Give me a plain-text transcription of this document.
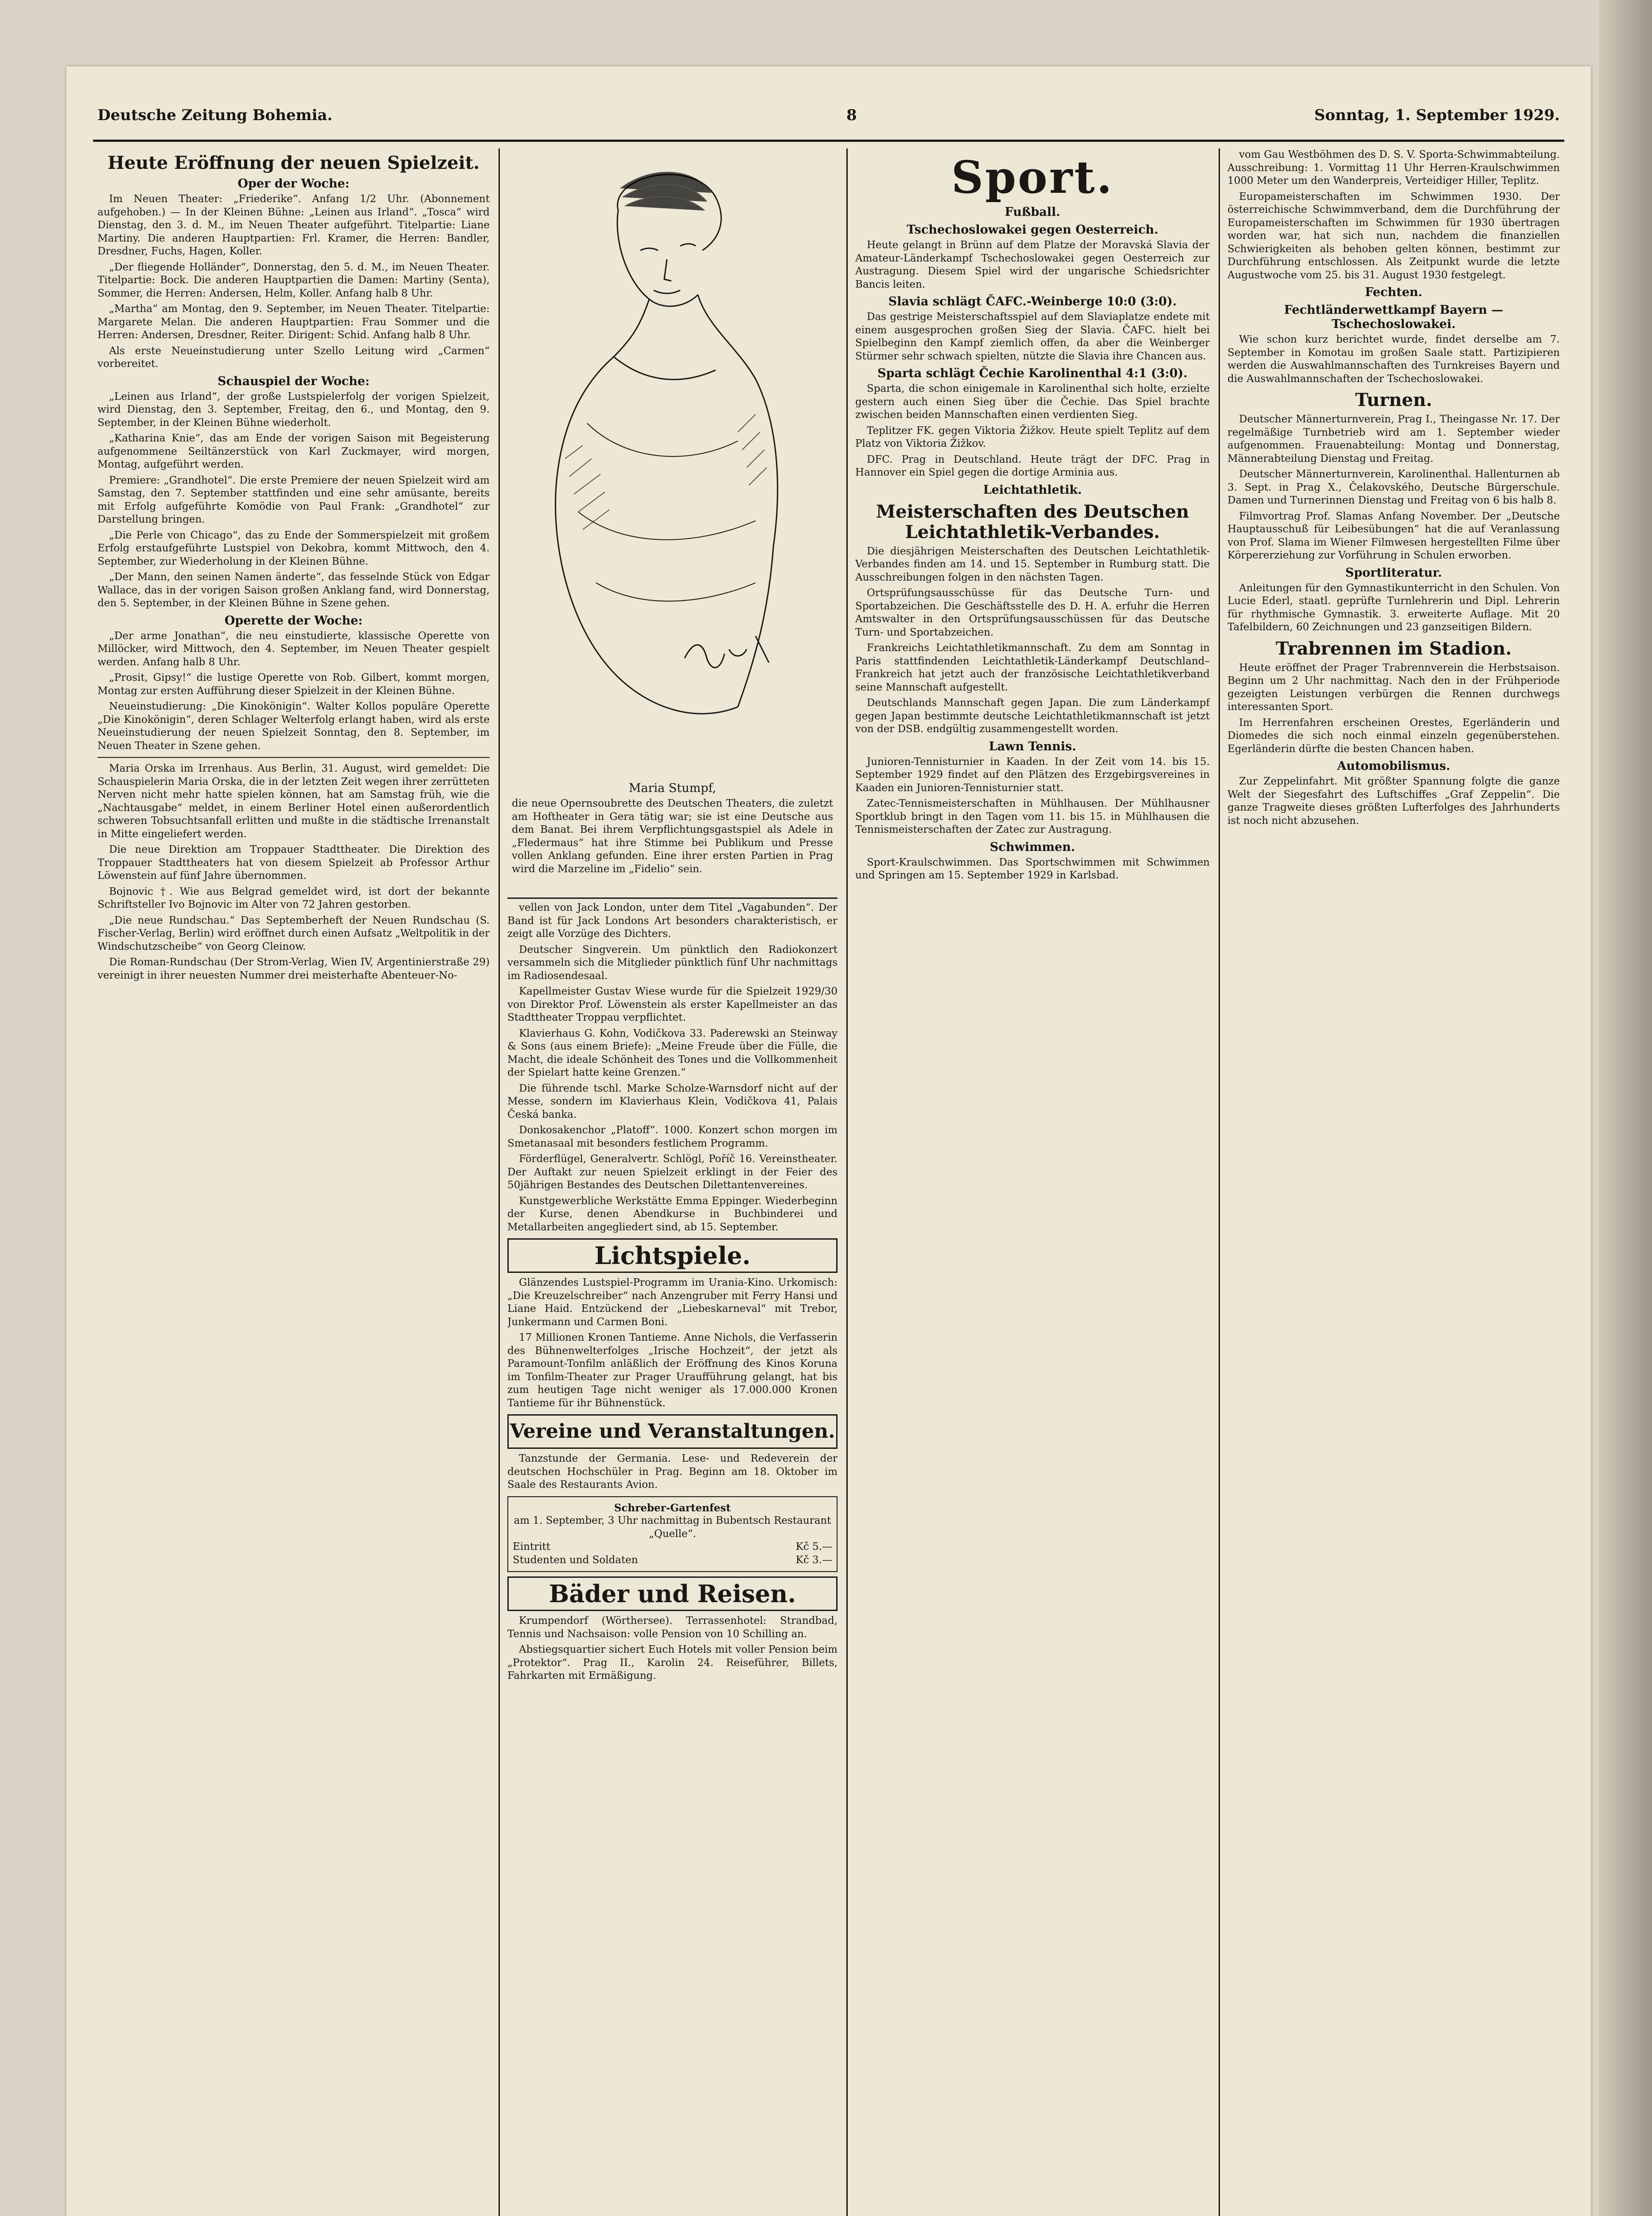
Deutsche Zeitung Bohemia.	8	Sonntag, 1. September 1929.
Heute Eröffnung der neuen Spielzeit.
Oper der Woche:

Im Neuen Theater: „Friederike“. Anfang 1/2 Uhr. (Abonnement aufgehoben.) — In der Kleinen Bühne: „Leinen aus Irland“. „Tosca“ wird Dienstag, den 3. d. M., im Neuen Theater aufgeführt. Titelpartie: Liane Martiny. Die anderen Hauptpartien: Frl. Kramer, die Herren: Bandler, Dresdner, Fuchs, Hagen, Koller.

„Der fliegende Holländer“, Donnerstag, den 5. d. M., im Neuen Theater. Titelpartie: Bock. Die anderen Hauptpartien die Damen: Martiny (Senta), Sommer, die Herren: Andersen, Helm, Koller. Anfang halb 8 Uhr.

„Martha“ am Montag, den 9. September, im Neuen Theater. Titelpartie: Margarete Melan. Die anderen Hauptpartien: Frau Sommer und die Herren: Andersen, Dresdner, Reiter. Dirigent: Schid. Anfang halb 8 Uhr.

Als erste Neueinstudierung unter Szello Leitung wird „Carmen“ vorbereitet.

Schauspiel der Woche:

„Leinen aus Irland“, der große Lustspielerfolg der vorigen Spielzeit, wird Dienstag, den 3. September, Freitag, den 6., und Montag, den 9. September, in der Kleinen Bühne wiederholt.

„Katharina Knie“, das am Ende der vorigen Saison mit Begeisterung aufgenommene Seiltänzerstück von Karl Zuckmayer, wird morgen, Montag, aufgeführt werden.

Premiere: „Grandhotel“. Die erste Premiere der neuen Spielzeit wird am Samstag, den 7. September stattfinden und eine sehr amüsante, bereits mit Erfolg aufgeführte Komödie von Paul Frank: „Grandhotel“ zur Darstellung bringen.

„Die Perle von Chicago“, das zu Ende der Sommerspielzeit mit großem Erfolg erstaufgeführte Lustspiel von Dekobra, kommt Mittwoch, den 4. September, zur Wiederholung in der Kleinen Bühne.

„Der Mann, den seinen Namen änderte“, das fesselnde Stück von Edgar Wallace, das in der vorigen Saison großen Anklang fand, wird Donnerstag, den 5. September, in der Kleinen Bühne in Szene gehen.

Operette der Woche:

„Der arme Jonathan“, die neu einstudierte, klassische Operette von Millöcker, wird Mittwoch, den 4. September, im Neuen Theater gespielt werden. Anfang halb 8 Uhr.

„Prosit, Gipsy!“ die lustige Operette von Rob. Gilbert, kommt morgen, Montag zur ersten Aufführung dieser Spielzeit in der Kleinen Bühne.

Neueinstudierung: „Die Kinokönigin“. Walter Kollos populäre Operette „Die Kinokönigin“, deren Schlager Welterfolg erlangt haben, wird als erste Neueinstudierung der neuen Spielzeit Sonntag, den 8. September, im Neuen Theater in Szene gehen.

Maria Orska im Irrenhaus. Aus Berlin, 31. August, wird gemeldet: Die Schauspielerin Maria Orska, die in der letzten Zeit wegen ihrer zerrütteten Nerven nicht mehr hatte spielen können, hat am Samstag früh, wie die „Nachtausgabe“ meldet, in einem Berliner Hotel einen außerordentlich schweren Tobsuchtsanfall erlitten und mußte in die städtische Irrenanstalt in Mitte eingeliefert werden.

Die neue Direktion am Troppauer Stadttheater. Die Direktion des Troppauer Stadttheaters hat von diesem Spielzeit ab Professor Arthur Löwenstein auf fünf Jahre übernommen.

Bojnovic †. Wie aus Belgrad gemeldet wird, ist dort der bekannte Schriftsteller Ivo Bojnovic im Alter von 72 Jahren gestorben.

„Die neue Rundschau.“ Das Septemberheft der Neuen Rundschau (S. Fischer-Verlag, Berlin) wird eröffnet durch einen Aufsatz „Weltpolitik in der Windschutzscheibe“ von Georg Cleinow.

Die Roman-Rundschau (Der Strom-Verlag, Wien IV, Argentinierstraße 29) vereinigt in ihrer neuesten Nummer drei meisterhafte Abenteuer-No-

Maria Stumpf,
die neue Opernsoubrette des Deutschen Theaters, die zuletzt am Hoftheater in Gera tätig war; sie ist eine Deutsche aus dem Banat. Bei ihrem Verpflichtungsgastspiel als Adele in „Fledermaus“ hat ihre Stimme bei Publikum und Presse vollen Anklang gefunden. Eine ihrer ersten Partien in Prag wird die Marzeline im „Fidelio“ sein.

vellen von Jack London, unter dem Titel „Vagabunden“. Der Band ist für Jack Londons Art besonders charakteristisch, er zeigt alle Vorzüge des Dichters.

Deutscher Singverein. Um pünktlich den Radiokonzert versammeln sich die Mitglieder pünktlich fünf Uhr nachmittags im Radiosendesaal.

Kapellmeister Gustav Wiese wurde für die Spielzeit 1929/30 von Direktor Prof. Löwenstein als erster Kapellmeister an das Stadttheater Troppau verpflichtet.

Klavierhaus G. Kohn, Vodičkova 33. Paderewski an Steinway & Sons (aus einem Briefe): „Meine Freude über die Fülle, die Macht, die ideale Schönheit des Tones und die Vollkommenheit der Spielart hatte keine Grenzen.“

Die führende tschl. Marke Scholze-Warnsdorf nicht auf der Messe, sondern im Klavierhaus Klein, Vodičkova 41, Palais Česká banka.

Donkosakenchor „Platoff“. 1000. Konzert schon morgen im Smetanasaal mit besonders festlichem Programm.

Förderflügel, Generalvertr. Schlögl, Poříč 16. Vereinstheater. Der Auftakt zur neuen Spielzeit erklingt in der Feier des 50jährigen Bestandes des Deutschen Dilettantenvereines.

Kunstgewerbliche Werkstätte Emma Eppinger. Wiederbeginn der Kurse, denen Abendkurse in Buchbinderei und Metallarbeiten angegliedert sind, ab 15. September.

Lichtspiele.

Glänzendes Lustspiel-Programm im Urania-Kino. Urkomisch: „Die Kreuzelschreiber“ nach Anzengruber mit Ferry Hansi und Liane Haid. Entzückend der „Liebeskarneval“ mit Trebor, Junkermann und Carmen Boni.

17 Millionen Kronen Tantieme. Anne Nichols, die Verfasserin des Bühnenwelterfolges „Irische Hochzeit“, der jetzt als Paramount-Tonfilm anläßlich der Eröffnung des Kinos Koruna im Tonfilm-Theater zur Prager Uraufführung gelangt, hat bis zum heutigen Tage nicht weniger als 17.000.000 Kronen Tantieme für ihr Bühnenstück.

Vereine und Veranstaltungen.

Tanzstunde der Germania. Lese- und Redeverein der deutschen Hochschüler in Prag. Beginn am 18. Oktober im Saale des Restaurants Avion.

Schreber-Gartenfest
am 1. September, 3 Uhr nachmittag in Bubentsch Restaurant „Quelle“.
Eintritt	Kč 5.—
Studenten und Soldaten	Kč 3.—
Bäder und Reisen.

Krumpendorf (Wörthersee). Terrassenhotel: Strandbad, Tennis und Nachsaison: volle Pension von 10 Schilling an.

Abstiegsquartier sichert Euch Hotels mit voller Pension beim „Protektor“. Prag II., Karolin 24. Reiseführer, Billets, Fahrkarten mit Ermäßigung.

Sport.
Fußball.
Tschechoslowakei gegen Oesterreich.

Heute gelangt in Brünn auf dem Platze der Moravská Slavia der Amateur-Länderkampf Tschechoslowakei gegen Oesterreich zur Austragung. Diesem Spiel wird der ungarische Schiedsrichter Bancis leiten.

Slavia schlägt ČAFC.-Weinberge 10:0 (3:0).

Das gestrige Meisterschaftsspiel auf dem Slaviaplatze endete mit einem ausgesprochen großen Sieg der Slavia. ČAFC. hielt bei Spielbeginn den Kampf ziemlich offen, da aber die Weinberger Stürmer sehr schwach spielten, nützte die Slavia ihre Chancen aus.

Sparta schlägt Čechie Karolinenthal 4:1 (3:0).

Sparta, die schon einigemale in Karolinenthal sich holte, erzielte gestern auch einen Sieg über die Čechie. Das Spiel brachte zwischen beiden Mannschaften einen verdienten Sieg.

Teplitzer FK. gegen Viktoria Žižkov. Heute spielt Teplitz auf dem Platz von Viktoria Žižkov.

DFC. Prag in Deutschland. Heute trägt der DFC. Prag in Hannover ein Spiel gegen die dortige Arminia aus.

Leichtathletik.
Meisterschaften des Deutschen Leichtathletik-Verbandes.

Die diesjährigen Meisterschaften des Deutschen Leichtathletik-Verbandes finden am 14. und 15. September in Rumburg statt. Die Ausschreibungen folgen in den nächsten Tagen.

Ortsprüfungsausschüsse für das Deutsche Turn- und Sportabzeichen. Die Geschäftsstelle des D. H. A. erfuhr die Herren Amtswalter in den Ortsprüfungsausschüssen für das Deutsche Turn- und Sportabzeichen.

Frankreichs Leichtathletikmannschaft. Zu dem am Sonntag in Paris stattfindenden Leichtathletik-Länderkampf Deutschland–Frankreich hat jetzt auch der französische Leichtathletikverband seine Mannschaft aufgestellt.

Deutschlands Mannschaft gegen Japan. Die zum Länderkampf gegen Japan bestimmte deutsche Leichtathletikmannschaft ist jetzt von der DSB. endgültig zusammengestellt worden.

Lawn Tennis.

Junioren-Tennisturnier in Kaaden. In der Zeit vom 14. bis 15. September 1929 findet auf den Plätzen des Erzgebirgsvereines in Kaaden ein Junioren-Tennisturnier statt.

Zatec-Tennismeisterschaften in Mühlhausen. Der Mühlhausner Sportklub bringt in den Tagen vom 11. bis 15. in Mühlhausen die Tennismeisterschaften der Zatec zur Austragung.

Schwimmen.

Sport-Kraulschwimmen. Das Sportschwimmen mit Schwimmen und Springen am 15. September 1929 in Karlsbad.

vom Gau Westböhmen des D. S. V. Sporta-Schwimmabteilung. Ausschreibung: 1. Vormittag 11 Uhr Herren-Kraulschwimmen 1000 Meter um den Wanderpreis, Verteidiger Hiller, Teplitz.

Europameisterschaften im Schwimmen 1930. Der österreichische Schwimmverband, dem die Durchführung der Europameisterschaften im Schwimmen für 1930 übertragen worden war, hat sich nun, nachdem die finanziellen Schwierigkeiten als behoben gelten können, bestimmt zur Durchführung entschlossen. Als Zeitpunkt wurde die letzte Augustwoche vom 25. bis 31. August 1930 festgelegt.

Fechten.
Fechtländerwettkampf Bayern — Tschechoslowakei.

Wie schon kurz berichtet wurde, findet derselbe am 7. September in Komotau im großen Saale statt. Partizipieren werden die Auswahlmannschaften des Turnkreises Bayern und die Auswahlmannschaften der Tschechoslowakei.

Turnen.

Deutscher Männerturnverein, Prag I., Theingasse Nr. 17. Der regelmäßige Turnbetrieb wird am 1. September wieder aufgenommen. Frauenabteilung: Montag und Donnerstag, Männerabteilung Dienstag und Freitag.

Deutscher Männerturnverein, Karolinenthal. Hallenturnen ab 3. Sept. in Prag X., Čelakovského, Deutsche Bürgerschule. Damen und Turnerinnen Dienstag und Freitag von 6 bis halb 8.

Filmvortrag Prof. Slamas Anfang November. Der „Deutsche Hauptausschuß für Leibesübungen“ hat die auf Veranlassung von Prof. Slama im Wiener Filmwesen hergestellten Filme über Körpererziehung zur Vorführung in Schulen erworben.

Sportliteratur.

Anleitungen für den Gymnastikunterricht in den Schulen. Von Lucie Ederl, staatl. geprüfte Turnlehrerin und Dipl. Lehrerin für rhythmische Gymnastik. 3. erweiterte Auflage. Mit 20 Tafelbildern, 60 Zeichnungen und 23 ganzseitigen Bildern.

Trabrennen im Stadion.

Heute eröffnet der Prager Trabrennverein die Herbstsaison. Beginn um 2 Uhr nachmittag. Nach den in der Frühperiode gezeigten Leistungen verbürgen die Rennen durchwegs interessanten Sport.

Im Herrenfahren erscheinen Orestes, Egerländerin und Diomedes die sich noch einmal einzeln gegenüberstehen. Egerländerin dürfte die besten Chancen haben.

Automobilismus.

Zur Zeppelinfahrt. Mit größter Spannung folgte die ganze Welt der Siegesfahrt des Luftschiffes „Graf Zeppelin“. Die ganze Tragweite dieses größten Lufterfolges des Jahrhunderts ist noch nicht abzusehen.
